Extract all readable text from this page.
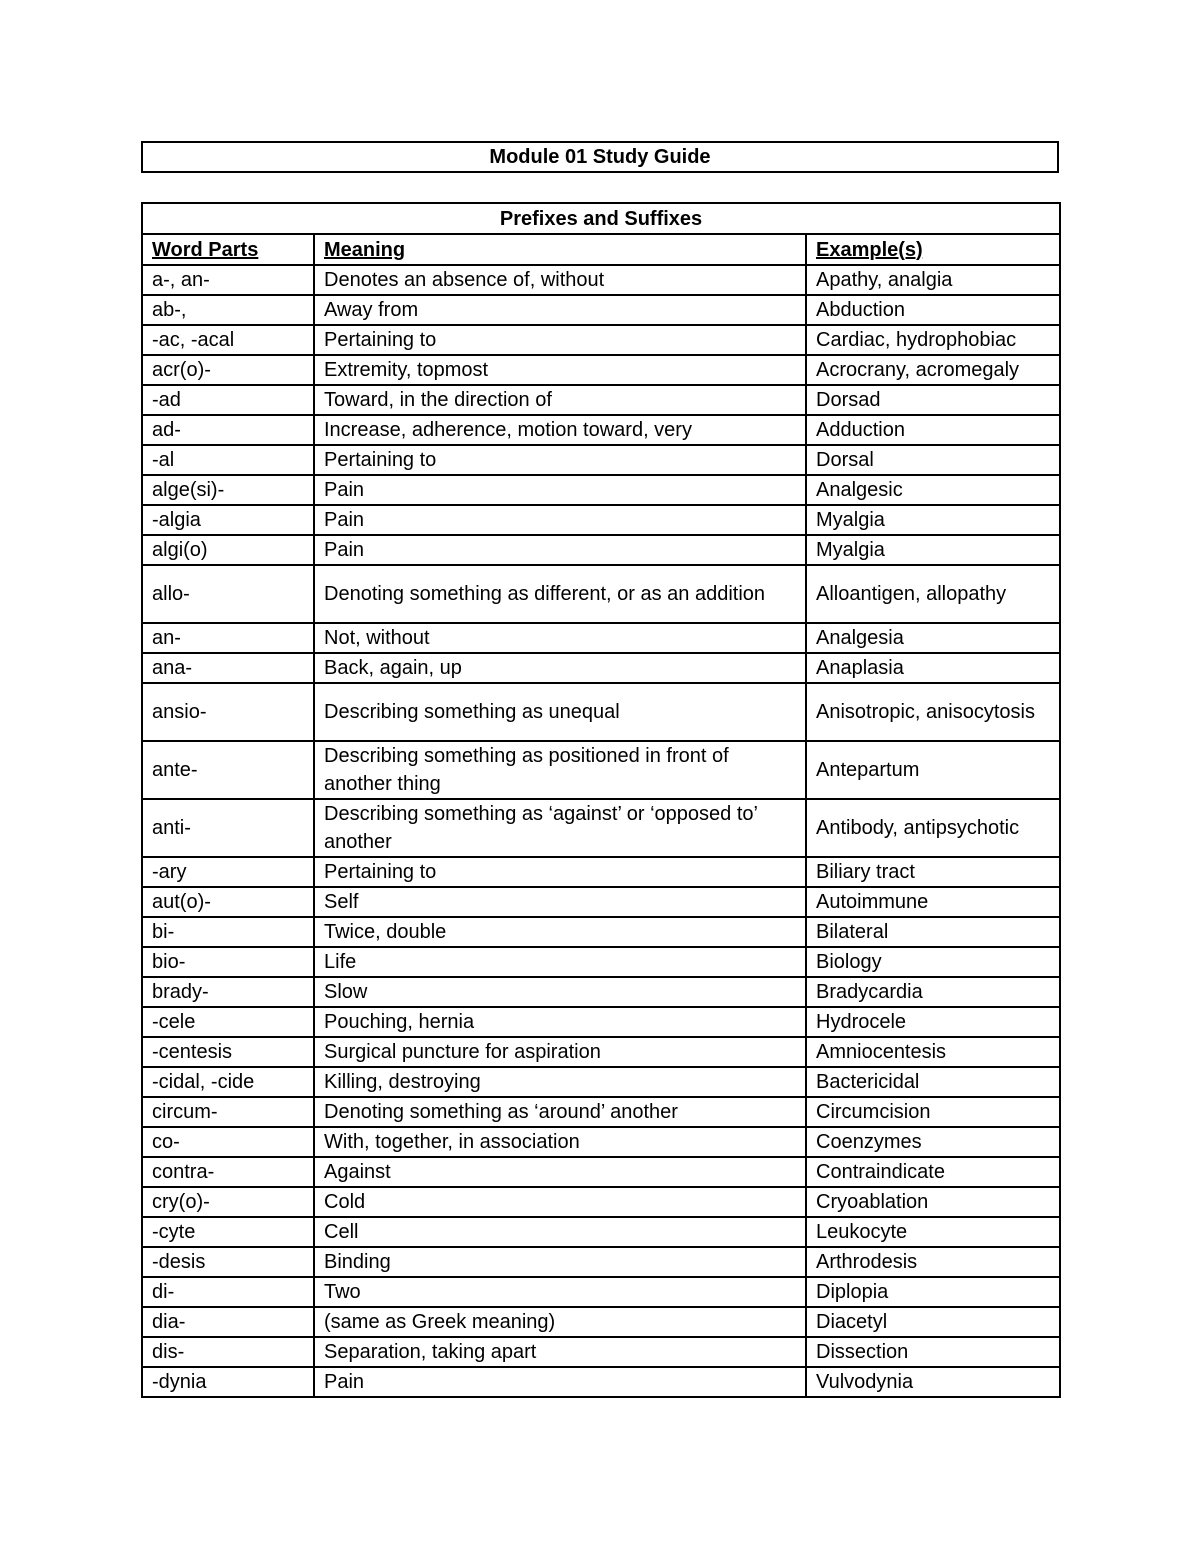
Module 01 Study Guide
Prefixes and Suffixes		
Word Parts	Meaning	Example(s)
a-, an-	Denotes an absence of, without	Apathy, analgia
ab-,	Away from	Abduction
-ac, -acal	Pertaining to	Cardiac, hydrophobiac
acr(o)-	Extremity, topmost	Acrocrany, acromegaly
-ad	Toward, in the direction of	Dorsad
ad-	Increase, adherence, motion toward, very	Adduction
-al	Pertaining to	Dorsal
alge(si)-	Pain	Analgesic
-algia	Pain	Myalgia
algi(o)	Pain	Myalgia
allo-	Denoting something as different, or as an addition	Alloantigen, allopathy
an-	Not, without	Analgesia
ana-	Back, again, up	Anaplasia
ansio-	Describing something as unequal	Anisotropic, anisocytosis
ante-	Describing something as positioned in front of another thing	Antepartum
anti-	Describing something as ‘against’ or ‘opposed to’ another	Antibody, antipsychotic
-ary	Pertaining to	Biliary tract
aut(o)-	Self	Autoimmune
bi-	Twice, double	Bilateral
bio-	Life	Biology
brady-	Slow	Bradycardia
-cele	Pouching, hernia	Hydrocele
-centesis	Surgical puncture for aspiration	Amniocentesis
-cidal, -cide	Killing, destroying	Bactericidal
circum-	Denoting something as ‘around’ another	Circumcision
co-	With, together, in association	Coenzymes
contra-	Against	Contraindicate
cry(o)-	Cold	Cryoablation
-cyte	Cell	Leukocyte
-desis	Binding	Arthrodesis
di-	Two	Diplopia
dia-	(same as Greek meaning)	Diacetyl
dis-	Separation, taking apart	Dissection
-dynia	Pain	Vulvodynia
